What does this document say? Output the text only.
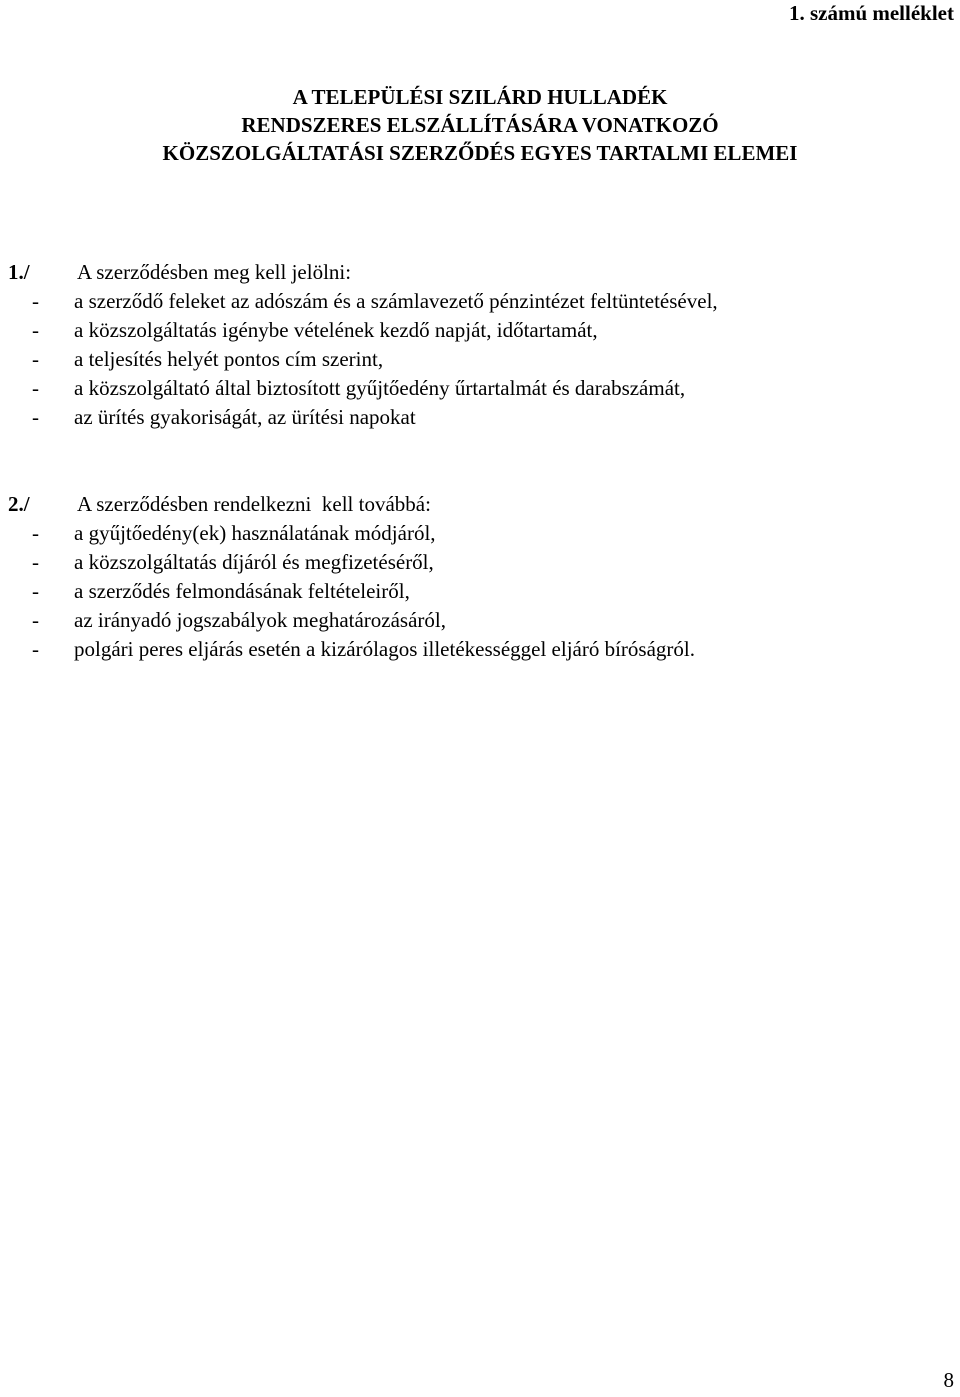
1. számú melléklet
A TELEPÜLÉSI SZILÁRD HULLADÉK
RENDSZERES ELSZÁLLÍTÁSÁRA VONATKOZÓ
KÖZSZOLGÁLTATÁSI SZERZŐDÉS EGYES TARTALMI ELEMEI
1./	A szerződésben meg kell jelölni:
-	a szerződő feleket az adószám és a számlavezető pénzintézet feltüntetésével,
-	a közszolgáltatás igénybe vételének kezdő napját, időtartamát,
-	a teljesítés helyét pontos cím szerint,
-	a közszolgáltató által biztosított gyűjtőedény űrtartalmát és darabszámát,
-	az ürítés gyakoriságát, az ürítési napokat
2./	A szerződésben rendelkezni  kell továbbá:
-	a gyűjtőedény(ek) használatának módjáról,
-	a közszolgáltatás díjáról és megfizetéséről,
-	a szerződés felmondásának feltételeiről,
-	az irányadó jogszabályok meghatározásáról,
-	polgári peres eljárás esetén a kizárólagos illetékességgel eljáró bíróságról.
8
